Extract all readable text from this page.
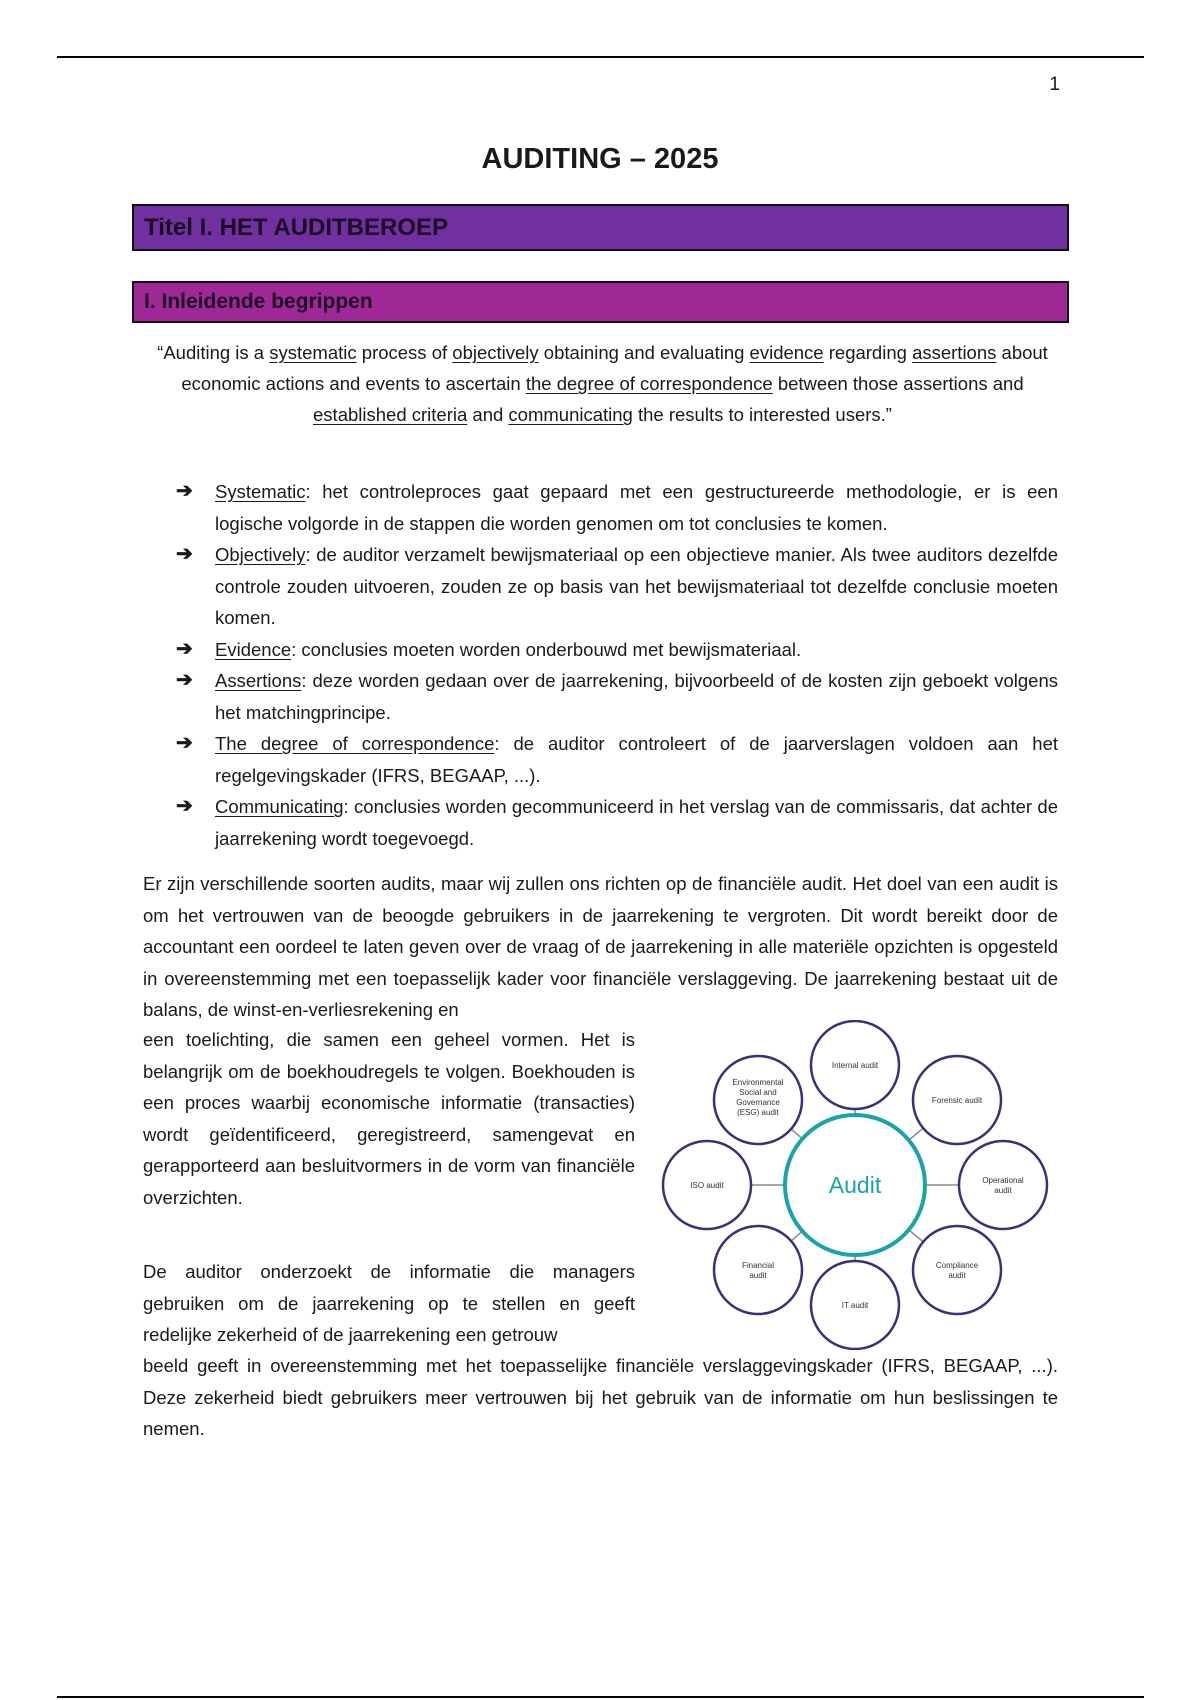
1
AUDITING – 2025
Titel I. HET AUDITBEROEP
I. Inleidende begrippen
“Auditing is a systematic process of objectively obtaining and evaluating evidence regarding assertions about economic actions and events to ascertain the degree of correspondence between those assertions and established criteria and communicating the results to interested users.”
➔ Systematic: het controleproces gaat gepaard met een gestructureerde methodologie, er is een logische volgorde in de stappen die worden genomen om tot conclusies te komen.
➔ Objectively: de auditor verzamelt bewijsmateriaal op een objectieve manier. Als twee auditors dezelfde controle zouden uitvoeren, zouden ze op basis van het bewijsmateriaal tot dezelfde conclusie moeten komen.
➔ Evidence: conclusies moeten worden onderbouwd met bewijsmateriaal.
➔ Assertions: deze worden gedaan over de jaarrekening, bijvoorbeeld of de kosten zijn geboekt volgens het matchingprincipe.
➔ The degree of correspondence: de auditor controleert of de jaarverslagen voldoen aan het regelgevingskader (IFRS, BEGAAP, ...).
➔ Communicating: conclusies worden gecommuniceerd in het verslag van de commissaris, dat achter de jaarrekening wordt toegevoegd.

Er zijn verschillende soorten audits, maar wij zullen ons richten op de financiële audit. Het doel van een audit is om het vertrouwen van de beoogde gebruikers in de jaarrekening te vergroten. Dit wordt bereikt door de accountant een oordeel te laten geven over de vraag of de jaarrekening in alle materiële opzichten is opgesteld in overeenstemming met een toepasselijk kader voor financiële verslaggeving. De jaarrekening bestaat uit de balans, de winst-en-verliesrekening en

een toelichting, die samen een geheel vormen. Het is belangrijk om de boekhoudregels te volgen. Boekhouden is een proces waarbij economische informatie (transacties) wordt geïdentificeerd, geregistreerd, samengevat en gerapporteerd aan besluitvormers in de vorm van financiële overzichten.

De auditor onderzoekt de informatie die managers gebruiken om de jaarrekening op te stellen en geeft redelijke zekerheid of de jaarrekening een getrouw

beeld geeft in overeenstemming met het toepasselijke financiële verslaggevingskader (IFRS, BEGAAP, ...). Deze zekerheid biedt gebruikers meer vertrouwen bij het gebruik van de informatie om hun beslissingen te nemen.

Audit
Internal audit
Forensic audit
Operational
audit
Compliance
audit
IT audit
Financial
audit
ISO audit
Environmental
Social and
Governance
(ESG) audit
